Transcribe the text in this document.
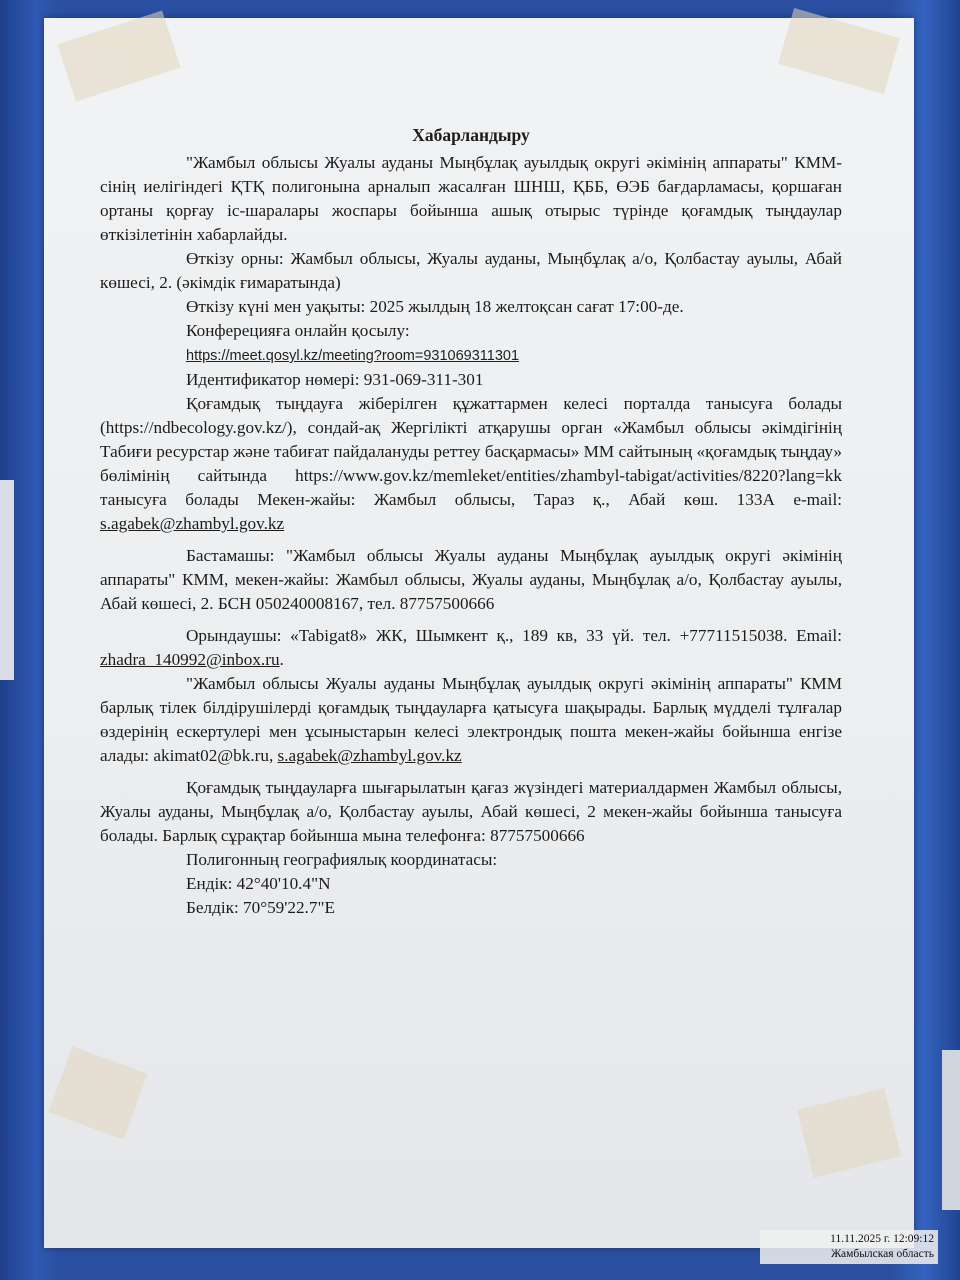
Хабарландыру

"Жамбыл облысы Жуалы ауданы Мыңбұлақ ауылдық округі әкімінің аппараты" КММ-сінің иелігіндегі ҚТҚ полигонына арналып жасалған ШНШ, ҚББ, ӨЭБ бағдарламасы, қоршаған ортаны қорғау іс-шаралары жоспары бойынша ашық отырыс түрінде қоғамдық тыңдаулар өткізілетінін хабарлайды.

Өткізу орны: Жамбыл облысы, Жуалы ауданы, Мыңбұлақ а/о, Қолбастау ауылы, Абай көшесі, 2. (әкімдік ғимаратында)

Өткізу күні мен уақыты: 2025 жылдың 18 желтоқсан сағат 17:00-де.

Конферецияға онлайн қосылу:

https://meet.qosyl.kz/meeting?room=931069311301

Идентификатор нөмері: 931-069-311-301

Қоғамдық тыңдауға жіберілген құжаттармен келесі порталда танысуға болады (https://ndbecology.gov.kz/), сондай-ақ Жергілікті атқарушы орган «Жамбыл облысы әкімдігінің Табиғи ресурстар және табиғат пайдалануды реттеу басқармасы» ММ сайтының «қоғамдық тыңдау» бөлімінің сайтында https://www.gov.kz/memleket/entities/zhambyl-tabigat/activities/8220?lang=kk танысуға болады Мекен-жайы: Жамбыл облысы, Тараз қ., Абай көш. 133А e-mail: s.agabek@zhambyl.gov.kz

Бастамашы: "Жамбыл облысы Жуалы ауданы Мыңбұлақ ауылдық округі әкімінің аппараты" КММ, мекен-жайы: Жамбыл облысы, Жуалы ауданы, Мыңбұлақ а/о, Қолбастау ауылы, Абай көшесі, 2. БСН 050240008167, тел. 87757500666

Орындаушы: «Tabigat8» ЖК, Шымкент қ., 189 кв, 33 үй. тел. +77711515038. Email: zhadra_140992@inbox.ru.

"Жамбыл облысы Жуалы ауданы Мыңбұлақ ауылдық округі әкімінің аппараты" КММ барлық тілек білдірушілерді қоғамдық тыңдауларға қатысуға шақырады. Барлық мүдделі тұлғалар өздерінің ескертулері мен ұсыныстарын келесі электрондық пошта мекен-жайы бойынша енгізе алады: akimat02@bk.ru, s.agabek@zhambyl.gov.kz

Қоғамдық тыңдауларға шығарылатын қағаз жүзіндегі материалдармен Жамбыл облысы, Жуалы ауданы, Мыңбұлақ а/о, Қолбастау ауылы, Абай көшесі, 2 мекен-жайы бойынша танысуға болады. Барлық сұрақтар бойынша мына телефонға: 87757500666

Полигонның географиялық координатасы:

Ендік: 42°40'10.4"N

Белдік: 70°59'22.7"E

11.11.2025 г. 12:09:12
Жамбылская область
